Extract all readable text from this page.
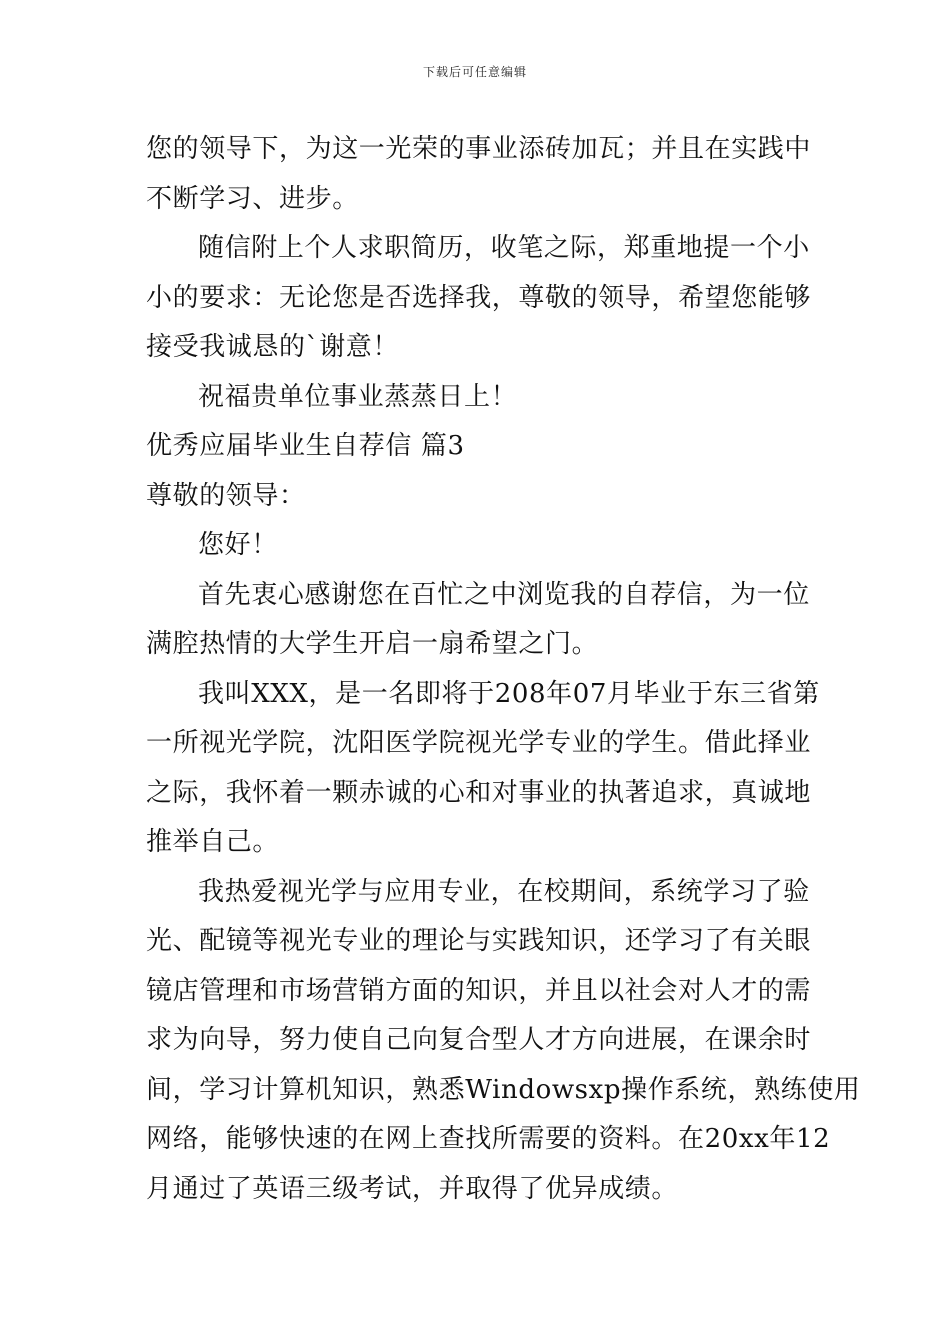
下载后可任意编辑
您的领导下，为这一光荣的事业添砖加瓦；并且在实践中
不断学习、进步。
随信附上个人求职简历，收笔之际，郑重地提一个小
小的要求：无论您是否选择我，尊敬的领导，希望您能够
接受我诚恳的`谢意！
祝福贵单位事业蒸蒸日上！
优秀应届毕业生自荐信 篇3
尊敬的领导：
您好！
首先衷心感谢您在百忙之中浏览我的自荐信，为一位
满腔热情的大学生开启一扇希望之门。
我叫XXX，是一名即将于208年07月毕业于东三省第
一所视光学院，沈阳医学院视光学专业的学生。借此择业
之际，我怀着一颗赤诚的心和对事业的执著追求，真诚地
推举自己。
我热爱视光学与应用专业，在校期间，系统学习了验
光、配镜等视光专业的理论与实践知识，还学习了有关眼
镜店管理和市场营销方面的知识，并且以社会对人才的需
求为向导，努力使自己向复合型人才方向进展，在课余时
间，学习计算机知识，熟悉Windowsxp操作系统，熟练使用
网络，能够快速的在网上查找所需要的资料。在20xx年12
月通过了英语三级考试，并取得了优异成绩。
